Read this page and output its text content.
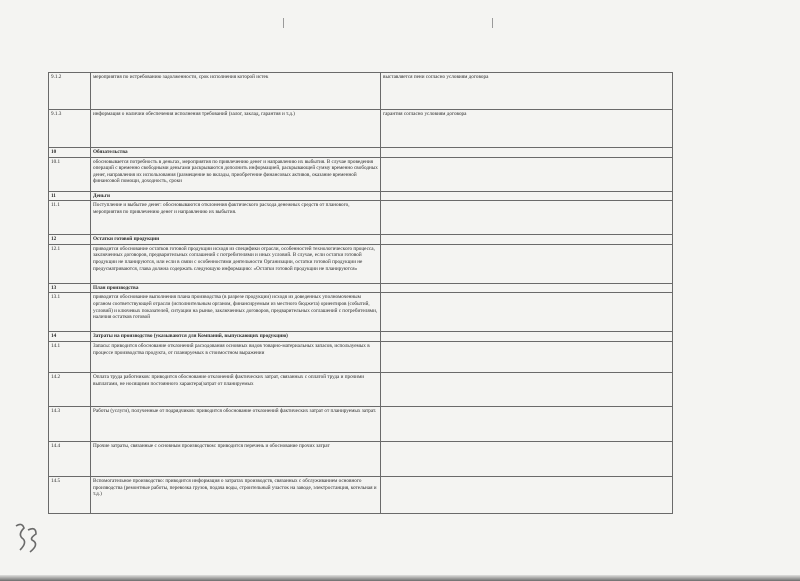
9.1.2	мероприятия по истребованию задолженности, срок исполнения которой истек	выставляется пени согласно условиям договора
9.1.3	информация о наличии обеспечения исполнения требований (залог, заклад, гарантия и т.д.)	гарантия согласно условиям договора
10	Обязательства	
10.1	обосновывается потребность в деньгах, мероприятия по привлечению денег и направлению их выбытия. В случае проведения операций с временно свободными деньгами раскрываются дополнить информацией, раскрывающей сумму временно свободных денег, направления их использования (размещение во вклады, приобретение финансовых активов, оказание временной финансовой помощи, доходность, сроки	
11	Деньги	
11.1	Поступление и выбытие денег: обосновываются отклонения фактического расхода денежных средств от планового, мероприятия по привлечению денег и направлению их выбытия.	
12	Остатки готовой продукции	
12.1	приводится обоснование остатков готовой продукции исходя из специфики отрасли, особенностей технологического процесса, заключенных договоров, предварительных соглашений с потребителями и иных условий. В случае, если остатки готовой продукции не планируются, или если в связи с особенностями деятельности Организации, остатки готовой продукции не предусматриваются, глава должна содержать следующую информацию: «Остатки готовой продукции не планируются»	
13	План производства	
13.1	приводится обоснование выполнения плана производства (в разрезе продукции) исходя из доведенных уполномоченным органом соответствующей отрасли (исполнительным органом, финансируемым из местного бюджета) ориентиров (событий, условий) и ключевых показателей, ситуации на рынке, заключенных договоров, предварительных соглашений с потребителями, наличия остатков готовой	
14	Затраты на производство (указываются для Компаний, выпускающих продукцию)	
14.1	Запасы: приводится обоснование отклонений расходования основных видов товарно-материальных запасов, используемых в процессе производства продукта, от планируемых в стоимостном выражении	
14.2	Оплата труда работников: приводится обоснование отклонений фактических затрат, связанных с оплатой труда и прочими выплатами, не носящими постоянного характера(затрат от планируемых	
14.3	Работы (услуги), полученные от подрядчиков: приводится обоснование отклонений фактических затрат от планируемых затрат.	
14.4	Прочие затраты, связанные с основным производством: приводится перечень и обоснование прочих затрат	
14.5	Вспомогательное производство: приводится информация о затратах производств, связанных с обслуживанием основного производства (ремонтные работы, перевозка грузов, подача воды, строительный участок на заводе, электростанция, котельная и т.д.)	
